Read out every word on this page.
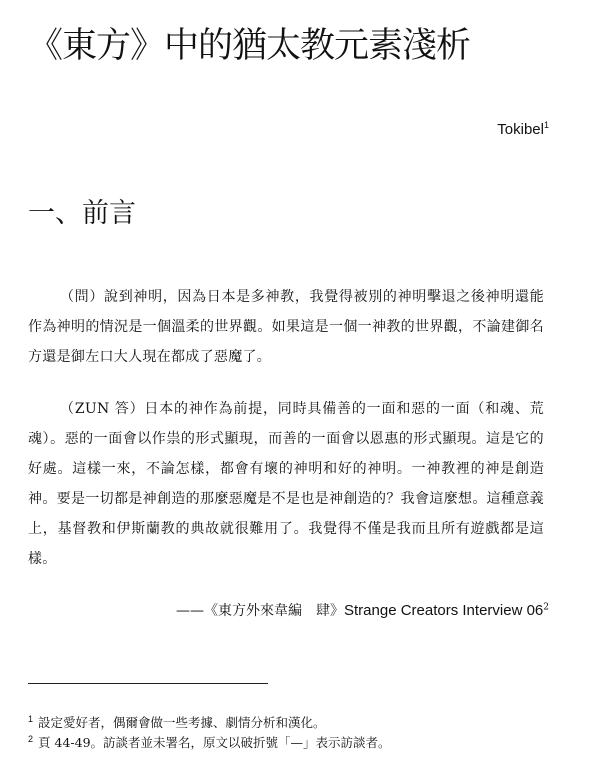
《東方》中的猶太教元素淺析
Tokibel$^1$
一、前言

（問）說到神明，因為日本是多神教，我覺得被別的神明擊退之後神明還能作為神明的情況是一個溫柔的世界觀。如果這是一個一神教的世界觀，不論建御名方還是御左口大人現在都成了惡魔了。

（ZUN 答）日本的神作為前提，同時具備善的一面和惡的一面（和魂、荒魂）。惡的一面會以作祟的形式顯現，而善的一面會以恩惠的形式顯現。這是它的好處。這樣一來，不論怎樣，都會有壞的神明和好的神明。一神教裡的神是創造神。要是一切都是神創造的那麼惡魔是不是也是神創造的？我會這麼想。這種意義上，基督教和伊斯蘭教的典故就很難用了。我覺得不僅是我而且所有遊戲都是這樣。

——《東方外來韋編　肆》Strange Creators Interview $06^2$
$^1$ 設定愛好者，偶爾會做一些考據、劇情分析和漢化。
$^2$ 頁 44-49。訪談者並未署名，原文以破折號「—」表示訪談者。
